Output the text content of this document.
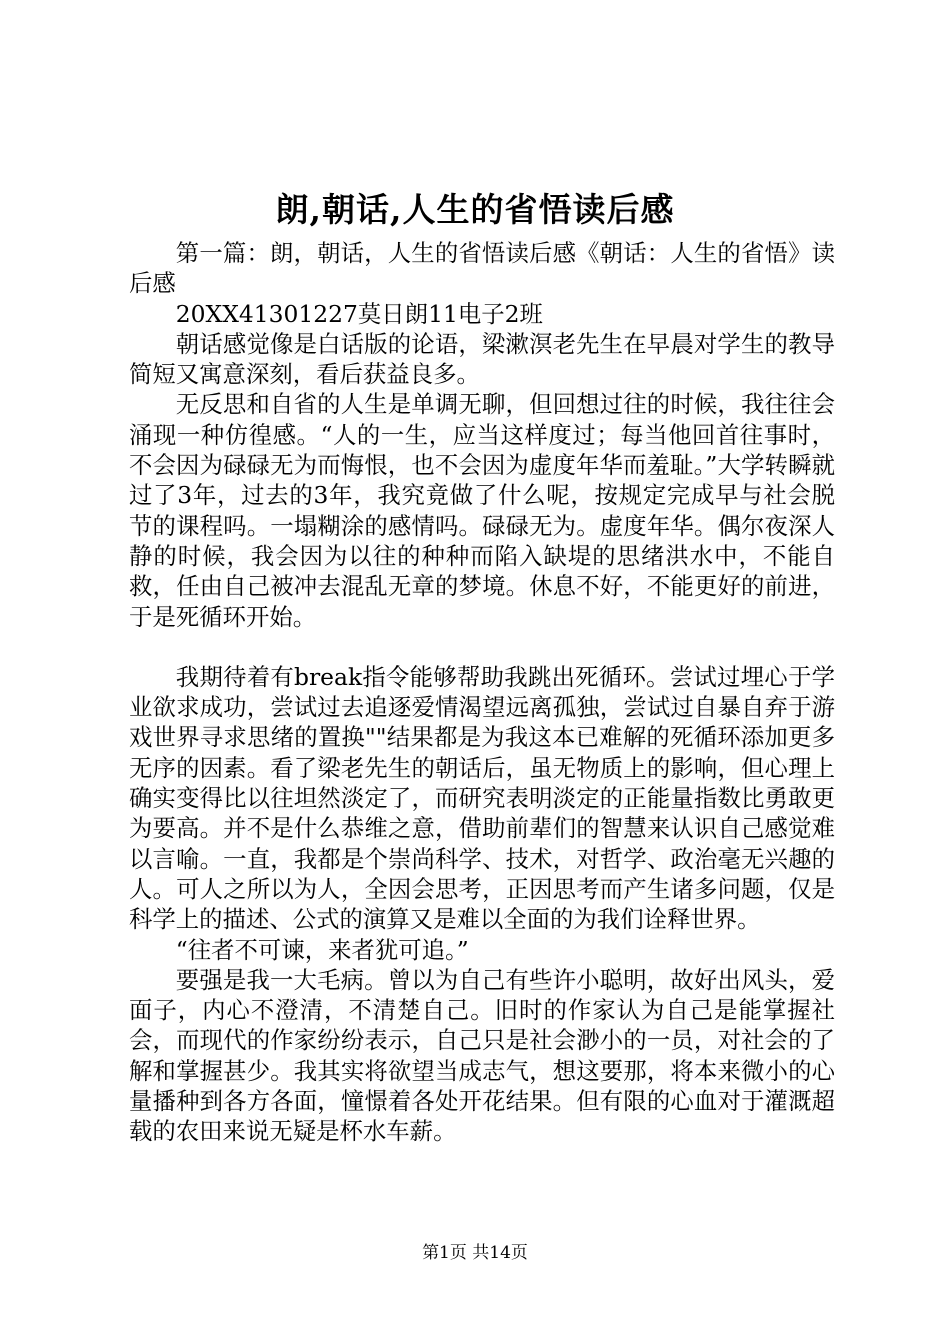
朗,朝话,人生的省悟读后感

第一篇：朗，朝话，人生的省悟读后感《朝话：人生的省悟》读后感

20XX41301227莫日朗11电子2班

朝话感觉像是白话版的论语，梁漱溟老先生在早晨对学生的教导简短又寓意深刻，看后获益良多。

无反思和自省的人生是单调无聊，但回想过往的时候，我往往会涌现一种仿徨感。“人的一生，应当这样度过；每当他回首往事时，不会因为碌碌无为而悔恨，也不会因为虚度年华而羞耻。”大学转瞬就过了3年，过去的3年，我究竟做了什么呢，按规定完成早与社会脱节的课程吗。一塌糊涂的感情吗。碌碌无为。虚度年华。偶尔夜深人静的时候，我会因为以往的种种而陷入缺堤的思绪洪水中，不能自救，任由自己被冲去混乱无章的梦境。休息不好，不能更好的前进，于是死循环开始。

我期待着有break指令能够帮助我跳出死循环。尝试过埋心于学业欲求成功，尝试过去追逐爱情渴望远离孤独，尝试过自暴自弃于游戏世界寻求思绪的置换""结果都是为我这本已难解的死循环添加更多无序的因素。看了梁老先生的朝话后，虽无物质上的影响，但心理上确实变得比以往坦然淡定了，而研究表明淡定的正能量指数比勇敢更为要高。并不是什么恭维之意，借助前辈们的智慧来认识自己感觉难以言喻。一直，我都是个崇尚科学、技术，对哲学、政治毫无兴趣的人。可人之所以为人，全因会思考，正因思考而产生诸多问题，仅是科学上的描述、公式的演算又是难以全面的为我们诠释世界。

“往者不可谏，来者犹可追。”

要强是我一大毛病。曾以为自己有些许小聪明，故好出风头，爱面子，内心不澄清，不清楚自己。旧时的作家认为自己是能掌握社会，而现代的作家纷纷表示，自己只是社会渺小的一员，对社会的了解和掌握甚少。我其实将欲望当成志气，想这要那，将本来微小的心量播种到各方各面，憧憬着各处开花结果。但有限的心血对于灌溉超载的农田来说无疑是杯水车薪。

第1页 共14页
